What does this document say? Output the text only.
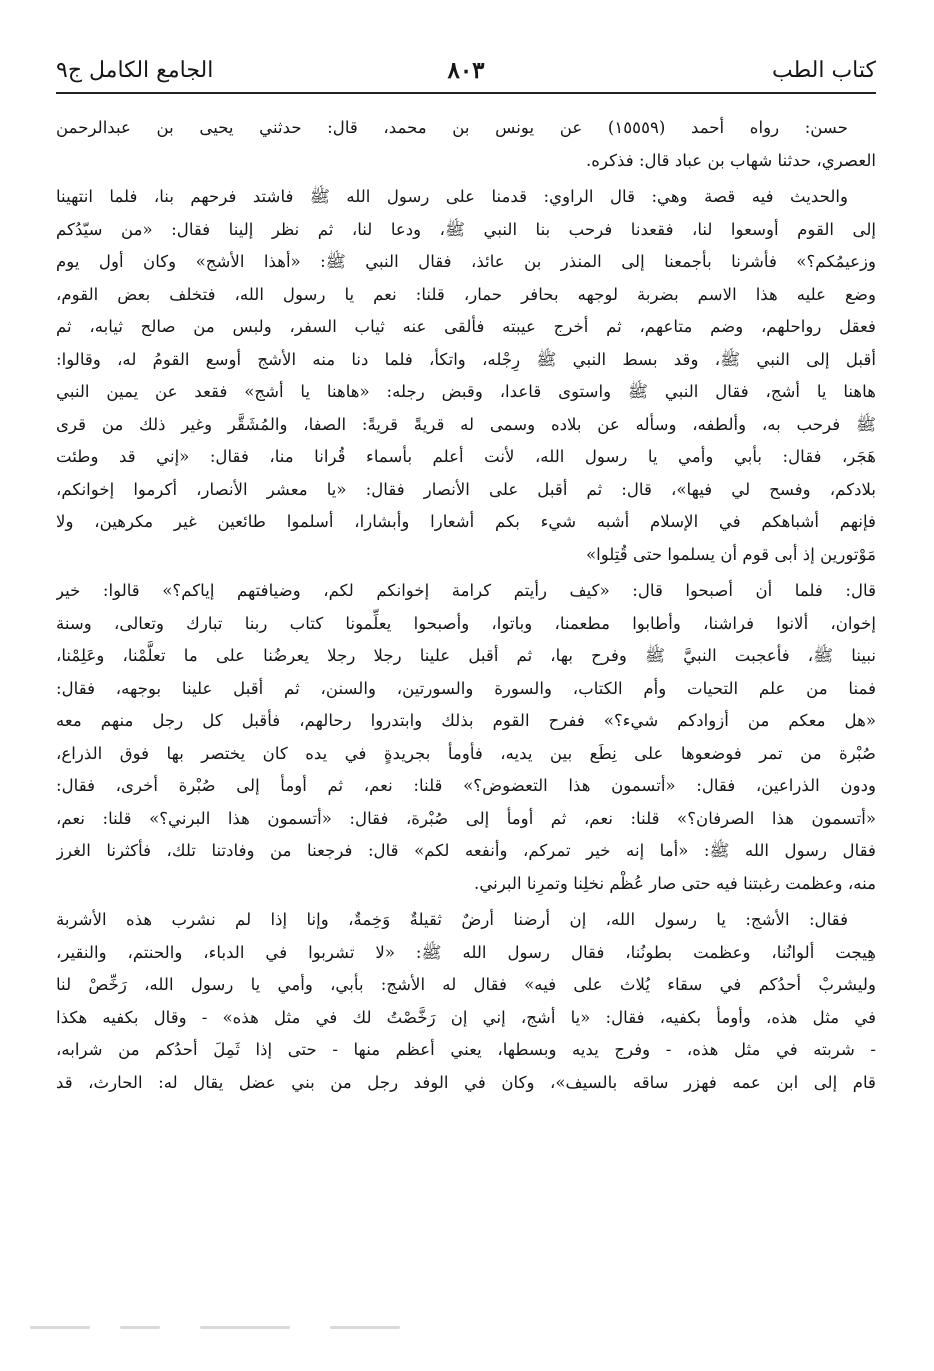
كتاب الطب
٨٠٣
الجامع الكامل ج٩
حسن: رواه أحمد (١٥٥٥٩) عن يونس بن محمد، قال: حدثني يحيى بن عبدالرحمن
العصري، حدثنا شهاب بن عباد قال: فذكره.
والحديث فيه قصة وهي: قال الراوي: قدمنا على رسول الله ﷺ فاشتد فرحهم بنا، فلما انتهينا
إلى القوم أوسعوا لنا، فقعدنا فرحب بنا النبي ﷺ، ودعا لنا، ثم نظر إلينا فقال: «من سيّدُكم
وزعيمُكم؟» فأشرنا بأجمعنا إلى المنذر بن عائذ، فقال النبي ﷺ: «أهذا الأشج» وكان أول يوم
وضع عليه هذا الاسم بضربة لوجهه بحافر حمار، قلنا: نعم يا رسول الله، فتخلف بعض القوم،
فعقل رواحلهم، وضم متاعهم، ثم أخرج عيبته فألقى عنه ثياب السفر، ولبس من صالح ثيابه، ثم
أقبل إلى النبي ﷺ، وقد بسط النبي ﷺ رِجْله، واتكأ، فلما دنا منه الأشج أوسع القومُ له، وقالوا:
هاهنا يا أشج، فقال النبي ﷺ واستوى قاعدا، وقبض رجله: «هاهنا يا أشج» فقعد عن يمين النبي
ﷺ فرحب به، وألطفه، وسأله عن بلاده وسمى له قريةً قريةً: الصفا، والمُشَقَّر وغير ذلك من قرى
هَجَر، فقال: بأبي وأمي يا رسول الله، لأنت أعلم بأسماء قُرانا منا، فقال: «إني قد وطئت
بلادكم، وفسح لي فيها»، قال: ثم أقبل على الأنصار فقال: «يا معشر الأنصار، أكرموا إخوانكم،
فإنهم أشباهكم في الإسلام أشبه شيء بكم أشعارا وأبشارا، أسلموا طائعين غير مكرهين، ولا
مَوْتورين إذ أبى قوم أن يسلموا حتى قُتِلوا»
قال: فلما أن أصبحوا قال: «كيف رأيتم كرامة إخوانكم لكم، وضيافتهم إياكم؟» قالوا: خير
إخوان، ألانوا فراشنا، وأطابوا مطعمنا، وباتوا، وأصبحوا يعلِّمونا كتاب ربنا تبارك وتعالى، وسنة
نبينا ﷺ، فأعجبت النبيَّ ﷺ وفرح بها، ثم أقبل علينا رجلا رجلا يعرضُنا على ما تعلَّمْنا، وعَلِمْنا،
فمنا من علم التحيات وأم الكتاب، والسورة والسورتين، والسنن، ثم أقبل علينا بوجهه، فقال:
«هل معكم من أزوادكم شيء؟» ففرح القوم بذلك وابتدروا رحالهم، فأقبل كل رجل منهم معه
صُبْرة من تمر فوضعوها على نِطَع بين يديه، فأومأ بجريدةٍ في يده كان يختصر بها فوق الذراع،
ودون الذراعين، فقال: «أتسمون هذا التعضوض؟» قلنا: نعم، ثم أومأ إلى صُبْرة أخرى، فقال:
«أتسمون هذا الصرفان؟» قلنا: نعم، ثم أومأ إلى صُبْرة، فقال: «أتسمون هذا البرني؟» قلنا: نعم،
فقال رسول الله ﷺ: «أما إنه خير تمركم، وأنفعه لكم» قال: فرجعنا من وفادتنا تلك، فأكثرنا الغرز
منه، وعظمت رغبتنا فيه حتى صار عُظْم نخلِنا وتمرِنا البرني.
فقال: الأشج: يا رسول الله، إن أرضنا أرضٌ ثقيلةٌ وَخِمةٌ، وإنا إذا لم نشرب هذه الأشربة
هِيجت ألوانُنا، وعظمت بطونُنا، فقال رسول الله ﷺ: «لا تشربوا في الدباء، والحنتم، والنقير،
وليشربْ أحدُكم في سقاء يُلاث على فيه» فقال له الأشج: بأبي، وأمي يا رسول الله، رَخِّصْ لنا
في مثل هذه، وأومأ بكفيه، فقال: «يا أشج، إني إن رَخَّصْتُ لك في مثل هذه» - وقال بكفيه هكذا
- شربته في مثل هذه، - وفرج يديه وبسطها، يعني أعظم منها - حتى إذا ثَمِلَ أحدُكم من شرابه،
قام إلى ابن عمه فهزر ساقه بالسيف»، وكان في الوفد رجل من بني عضل يقال له: الحارث، قد
